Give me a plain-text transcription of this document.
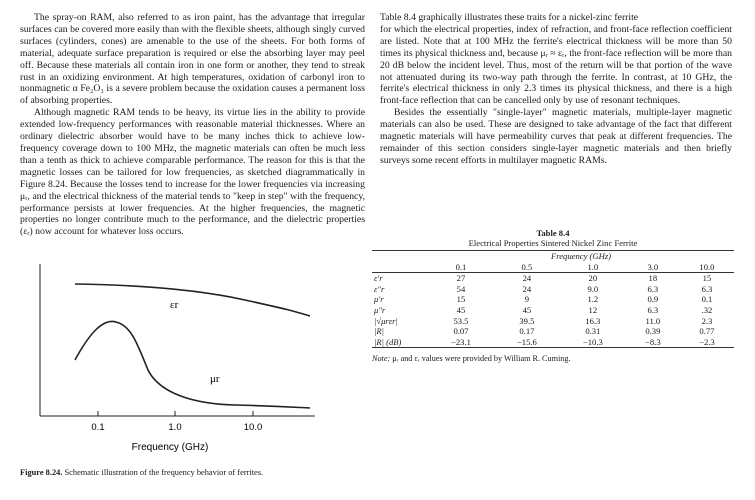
The spray-on RAM, also referred to as iron paint, has the advantage that irregular surfaces can be covered more easily than with the flexible sheets, although singly curved surfaces (cylinders, cones) are amenable to the use of the sheets. For both forms of material, adequate surface preparation is required or else the absorbing layer may peel off. Because these materials all contain iron in one form or another, they tend to streak rust in an oxidizing environment. At high temperatures, oxidation of carbonyl iron to nonmagnetic α Fe₂O₃ is a severe problem because the oxidation causes a permanent loss of absorbing properties.

Although magnetic RAM tends to be heavy, its virtue lies in the ability to provide extended low-frequency performances with reasonable material thicknesses. Where an ordinary dielectric absorber would have to be many inches thick to achieve low-frequency coverage down to 100 MHz, the magnetic materials can often be much less than a tenth as thick to achieve comparable performance. The reason for this is that the magnetic losses can be tailored for low frequencies, as sketched diagrammatically in Figure 8.24. Because the losses tend to increase for the lower frequencies via increasing μᵣ, and the electrical thickness of the material tends to "keep in step" with the frequency, performance persists at lower frequencies. At the higher frequencies, the magnetic properties no longer contribute much to the performance, and the dielectric properties (εᵣ) now account for whatever loss occurs.

εr
μr
0.1	1.0	10.0
Frequency (GHz)
Figure 8.24. Schematic illustration of the frequency behavior of ferrites.

Table 8.4 graphically illustrates these traits for a nickel-zinc ferrite

for which the electrical properties, index of refraction, and front-face reflection coefficient are listed. Note that at 100 MHz the ferrite's electrical thickness will be more than 50 times its physical thickness and, because μᵣ ≈ εᵣ, the front-face reflection will be more than 20 dB below the incident level. Thus, most of the return will be that portion of the wave not attenuated during its two-way path through the ferrite. In contrast, at 10 GHz, the ferrite's electrical thickness in only 2.3 times its physical thickness, and there is a high front-face reflection that can be cancelled only by use of resonant techniques.

Besides the essentially "single-layer" magnetic materials, multiple-layer magnetic materials can also be used. These are designed to take advantage of the fact that different magnetic materials will have permeability curves that peak at different frequencies. The remainder of this section considers single-layer magnetic materials and then briefly surveys some recent efforts in multilayer magnetic RAMs.

Table 8.4
Electrical Properties Sintered Nickel Zinc Ferrite
	Frequency (GHz)				
	0.1	0.5	1.0	3.0	10.0
ε′r	27	24	20	18	15
ε″r	54	24	9.0	6.3	6.3
μ′r	15	9	1.2	0.9	0.1
μ″r	45	45	12	6.3	.32
|√μrεr|	53.5	39.5	16.3	11.0	2.3
|R|	0.07	0.17	0.31	0.39	0.77
|R| (dB)	−23.1	−15.6	−10.3	−8.3	−2.3
Note: μᵣ and εᵣ values were provided by William R. Cuming.
